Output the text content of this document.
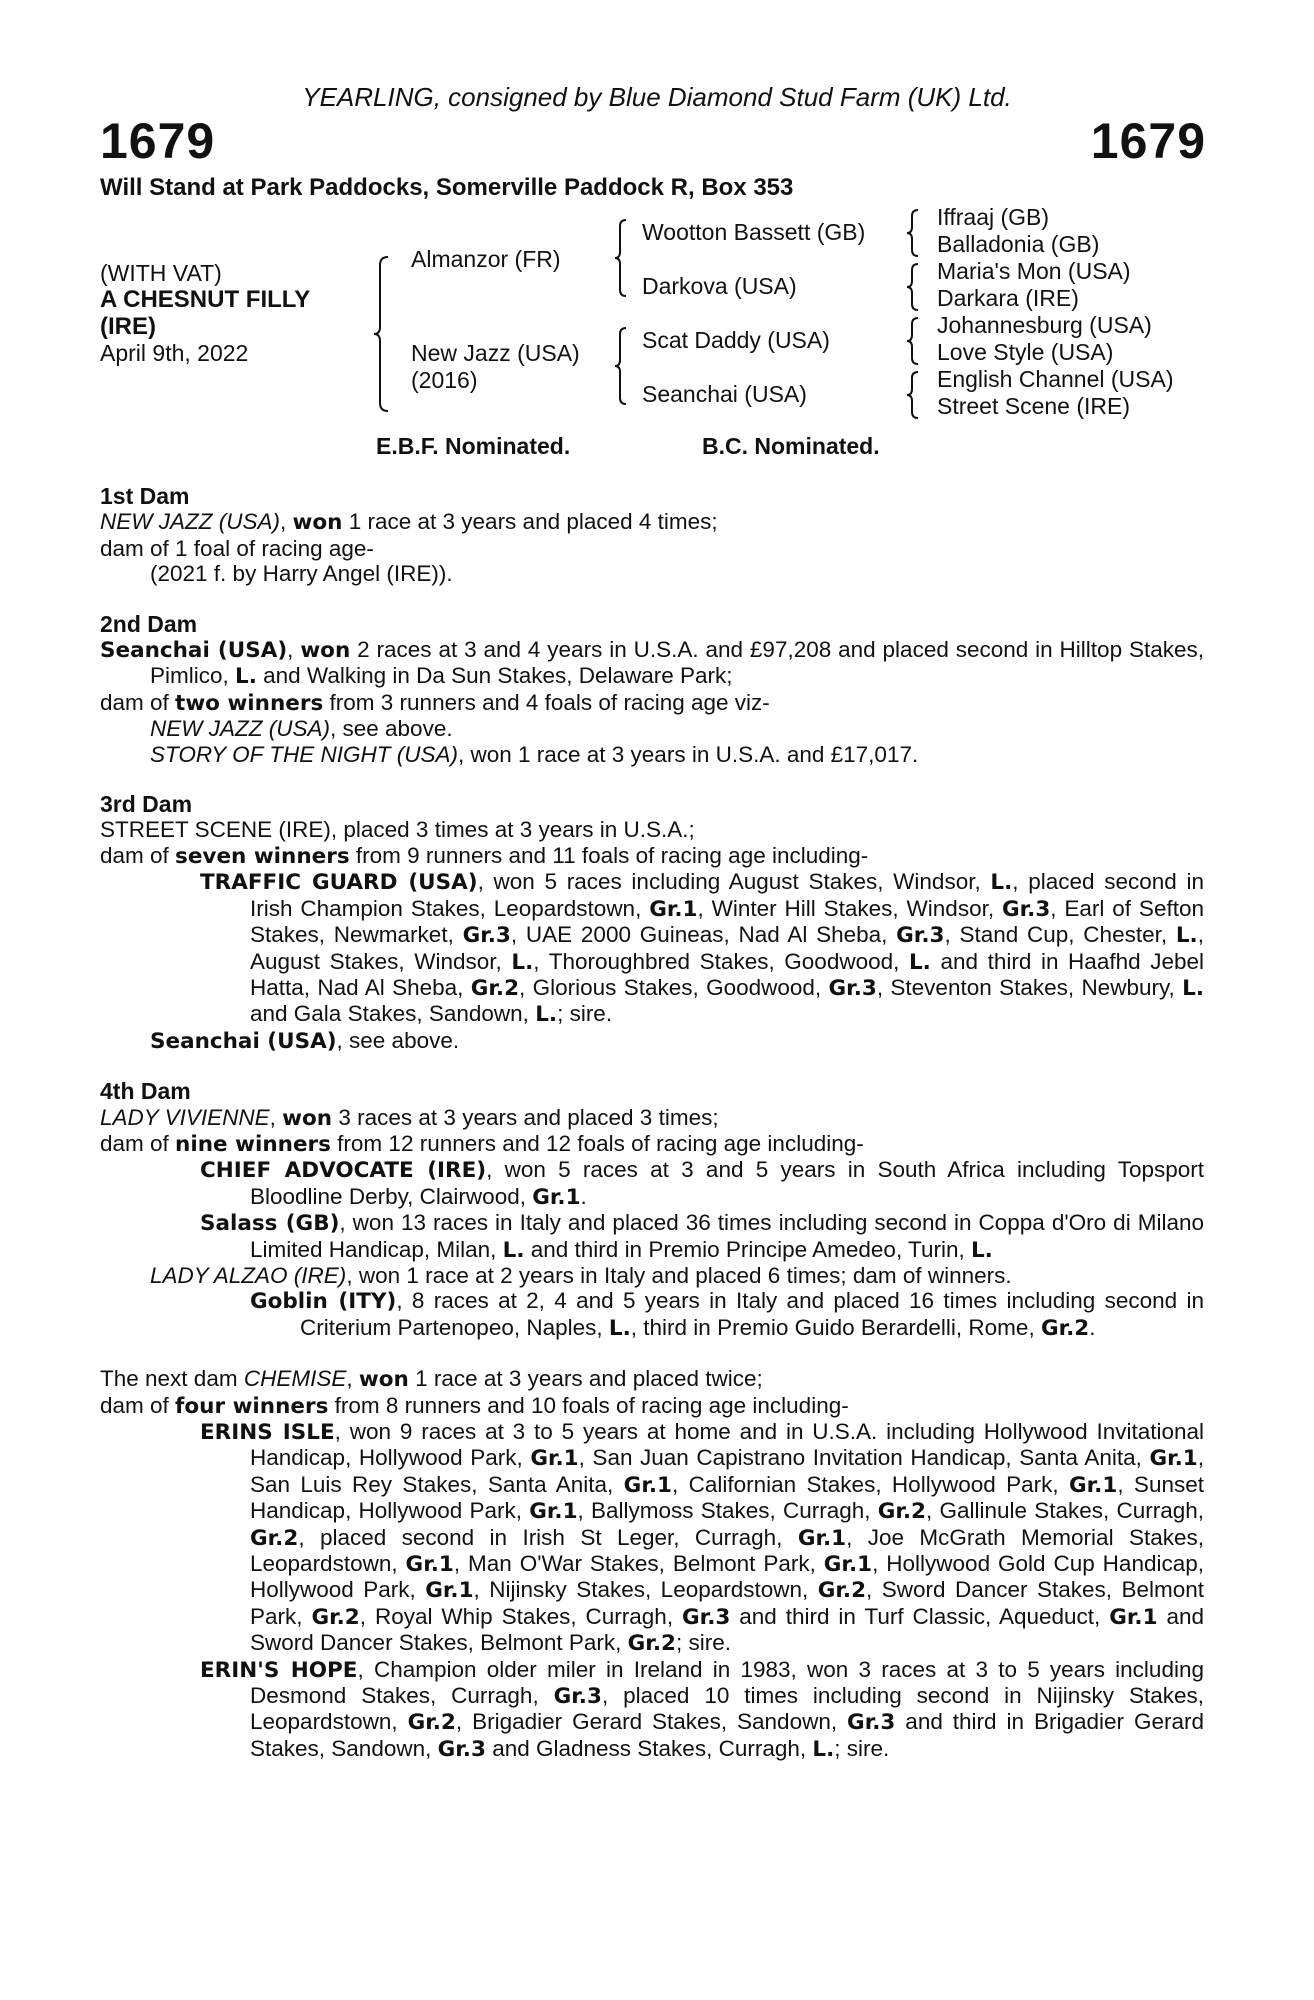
YEARLING, consigned by Blue Diamond Stud Farm (UK) Ltd.
1679	1679
Will Stand at Park Paddocks, Somerville Paddock R, Box 353
(WITH VAT)
A CHESNUT FILLY
(IRE)
April 9th, 2022
Almanzor (FR)
New Jazz (USA)
(2016)
Wootton Bassett (GB)
Darkova (USA)
Scat Daddy (USA)
Seanchai (USA)
Iffraaj (GB)
Balladonia (GB)
Maria's Mon (USA)
Darkara (IRE)
Johannesburg (USA)
Love Style (USA)
English Channel (USA)
Street Scene (IRE)
E.B.F. Nominated.	B.C. Nominated.
1st Dam

NEW JAZZ (USA), won 1 race at 3 years and placed 4 times;

dam of 1 foal of racing age-

(2021 f. by Harry Angel (IRE)).

2nd Dam

Seanchai (USA), won 2 races at 3 and 4 years in U.S.A. and £97,208 and placed second in Hilltop Stakes, Pimlico, L. and Walking in Da Sun Stakes, Delaware Park;

dam of two winners from 3 runners and 4 foals of racing age viz-

NEW JAZZ (USA), see above.

STORY OF THE NIGHT (USA), won 1 race at 3 years in U.S.A. and £17,017.

3rd Dam

STREET SCENE (IRE), placed 3 times at 3 years in U.S.A.;

dam of seven winners from 9 runners and 11 foals of racing age including-

TRAFFIC GUARD (USA), won 5 races including August Stakes, Windsor, L., placed second in Irish Champion Stakes, Leopardstown, Gr.1, Winter Hill Stakes, Windsor, Gr.3, Earl of Sefton Stakes, Newmarket, Gr.3, UAE 2000 Guineas, Nad Al Sheba, Gr.3, Stand Cup, Chester, L., August Stakes, Windsor, L., Thoroughbred Stakes, Goodwood, L. and third in Haafhd Jebel Hatta, Nad Al Sheba, Gr.2, Glorious Stakes, Goodwood, Gr.3, Steventon Stakes, Newbury, L. and Gala Stakes, Sandown, L.; sire.

Seanchai (USA), see above.

4th Dam

LADY VIVIENNE, won 3 races at 3 years and placed 3 times;

dam of nine winners from 12 runners and 12 foals of racing age including-

CHIEF ADVOCATE (IRE), won 5 races at 3 and 5 years in South Africa including Topsport Bloodline Derby, Clairwood, Gr.1.

Salass (GB), won 13 races in Italy and placed 36 times including second in Coppa d'Oro di Milano Limited Handicap, Milan, L. and third in Premio Principe Amedeo, Turin, L.

LADY ALZAO (IRE), won 1 race at 2 years in Italy and placed 6 times; dam of winners.

Goblin (ITY), 8 races at 2, 4 and 5 years in Italy and placed 16 times including second in Criterium Partenopeo, Naples, L., third in Premio Guido Berardelli, Rome, Gr.2.

The next dam CHEMISE, won 1 race at 3 years and placed twice;

dam of four winners from 8 runners and 10 foals of racing age including-

ERINS ISLE, won 9 races at 3 to 5 years at home and in U.S.A. including Hollywood Invitational Handicap, Hollywood Park, Gr.1, San Juan Capistrano Invitation Handicap, Santa Anita, Gr.1, San Luis Rey Stakes, Santa Anita, Gr.1, Californian Stakes, Hollywood Park, Gr.1, Sunset Handicap, Hollywood Park, Gr.1, Ballymoss Stakes, Curragh, Gr.2, Gallinule Stakes, Curragh, Gr.2, placed second in Irish St Leger, Curragh, Gr.1, Joe McGrath Memorial Stakes, Leopardstown, Gr.1, Man O'War Stakes, Belmont Park, Gr.1, Hollywood Gold Cup Handicap, Hollywood Park, Gr.1, Nijinsky Stakes, Leopardstown, Gr.2, Sword Dancer Stakes, Belmont Park, Gr.2, Royal Whip Stakes, Curragh, Gr.3 and third in Turf Classic, Aqueduct, Gr.1 and Sword Dancer Stakes, Belmont Park, Gr.2; sire.

ERIN'S HOPE, Champion older miler in Ireland in 1983, won 3 races at 3 to 5 years including Desmond Stakes, Curragh, Gr.3, placed 10 times including second in Nijinsky Stakes, Leopardstown, Gr.2, Brigadier Gerard Stakes, Sandown, Gr.3 and third in Brigadier Gerard Stakes, Sandown, Gr.3 and Gladness Stakes, Curragh, L.; sire.
